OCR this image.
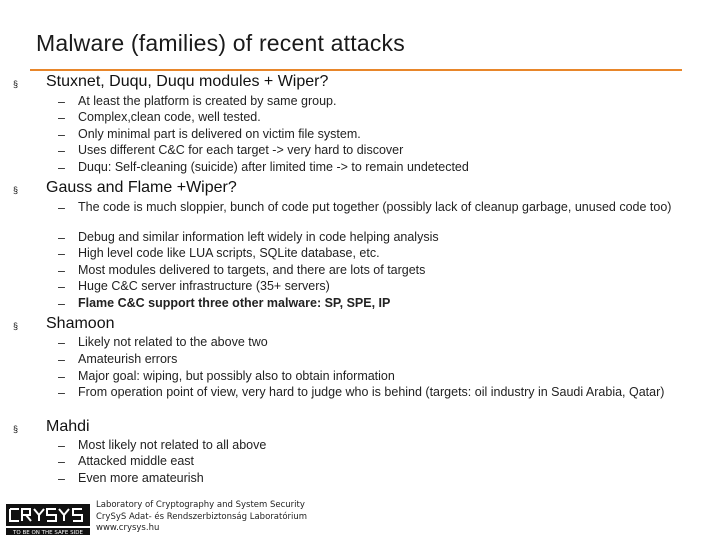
Malware (families) of recent attacks
§ Stuxnet, Duqu, Duqu modules + Wiper?
– At least the platform is created by same group.
– Complex,clean code, well tested.
– Only minimal part is delivered on victim file system.
– Uses different C&C for each target -> very hard to discover
– Duqu: Self-cleaning (suicide) after limited time -> to remain undetected
§ Gauss and Flame +Wiper?
– The code is much sloppier, bunch of code put together (possibly lack of cleanup garbage, unused code too)
– Debug and similar information left widely in code helping analysis
– High level code like LUA scripts, SQLite database, etc.
– Most modules delivered to targets, and there are lots of targets
– Huge C&C server infrastructure (35+ servers)
– Flame C&C support three other malware: SP, SPE, IP
§ Shamoon
– Likely not related to the above two
– Amateurish errors
– Major goal: wiping, but possibly also to obtain information
– From operation point of view, very hard to judge who is behind (targets: oil industry in Saudi Arabia, Qatar)
§ Mahdi
– Most likely not related to all above
– Attacked middle east
– Even more amateurish
TO BE ON THE SAFE SIDE
Laboratory of Cryptography and System Security
CrySyS Adat- és Rendszerbiztonság Laboratórium
www.crysys.hu
